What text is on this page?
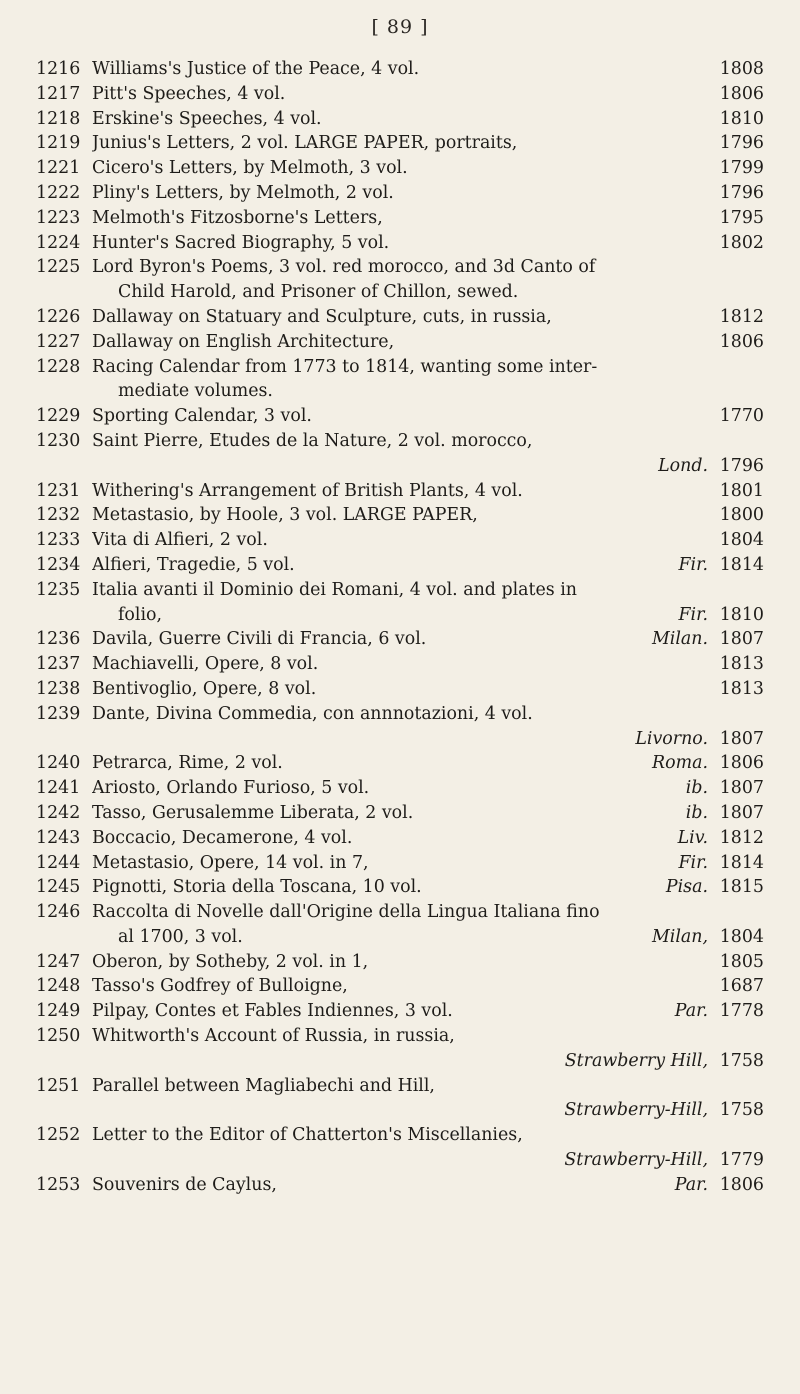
[ 89 ]
1216 Williams's Justice of the Peace, 4 vol.	1808
1217 Pitt's Speeches, 4 vol.	1806
1218 Erskine's Speeches, 4 vol.	1810
1219 Junius's Letters, 2 vol. LARGE PAPER, portraits,	1796
1221 Cicero's Letters, by Melmoth, 3 vol.	1799
1222 Pliny's Letters, by Melmoth, 2 vol.	1796
1223 Melmoth's Fitzosborne's Letters,	1795
1224 Hunter's Sacred Biography, 5 vol.	1802
1225 Lord Byron's Poems, 3 vol. red morocco, and 3d Canto of
Child Harold, and Prisoner of Chillon, sewed.
1226 Dallaway on Statuary and Sculpture, cuts, in russia,	1812
1227 Dallaway on English Architecture,	1806
1228 Racing Calendar from 1773 to 1814, wanting some inter-
mediate volumes.
1229 Sporting Calendar, 3 vol.	1770
1230 Saint Pierre, Etudes de la Nature, 2 vol. morocco,
Lond. 1796
1231 Withering's Arrangement of British Plants, 4 vol.	1801
1232 Metastasio, by Hoole, 3 vol. LARGE PAPER,	1800
1233 Vita di Alfieri, 2 vol.	1804
1234 Alfieri, Tragedie, 5 vol.	Fir. 1814
1235 Italia avanti il Dominio dei Romani, 4 vol. and plates in
folio,	Fir. 1810
1236 Davila, Guerre Civili di Francia, 6 vol.	Milan. 1807
1237 Machiavelli, Opere, 8 vol.	1813
1238 Bentivoglio, Opere, 8 vol.	1813
1239 Dante, Divina Commedia, con annnotazioni, 4 vol.
Livorno. 1807
1240 Petrarca, Rime, 2 vol.	Roma. 1806
1241 Ariosto, Orlando Furioso, 5 vol.	ib. 1807
1242 Tasso, Gerusalemme Liberata, 2 vol.	ib. 1807
1243 Boccacio, Decamerone, 4 vol.	Liv. 1812
1244 Metastasio, Opere, 14 vol. in 7,	Fir. 1814
1245 Pignotti, Storia della Toscana, 10 vol.	Pisa. 1815
1246 Raccolta di Novelle dall'Origine della Lingua Italiana fino
al 1700, 3 vol.	Milan, 1804
1247 Oberon, by Sotheby, 2 vol. in 1,	1805
1248 Tasso's Godfrey of Bulloigne,	1687
1249 Pilpay, Contes et Fables Indiennes, 3 vol.	Par. 1778
1250 Whitworth's Account of Russia, in russia,
Strawberry Hill, 1758
1251 Parallel between Magliabechi and Hill,
Strawberry-Hill, 1758
1252 Letter to the Editor of Chatterton's Miscellanies,
Strawberry-Hill, 1779
1253 Souvenirs de Caylus,	Par. 1806
